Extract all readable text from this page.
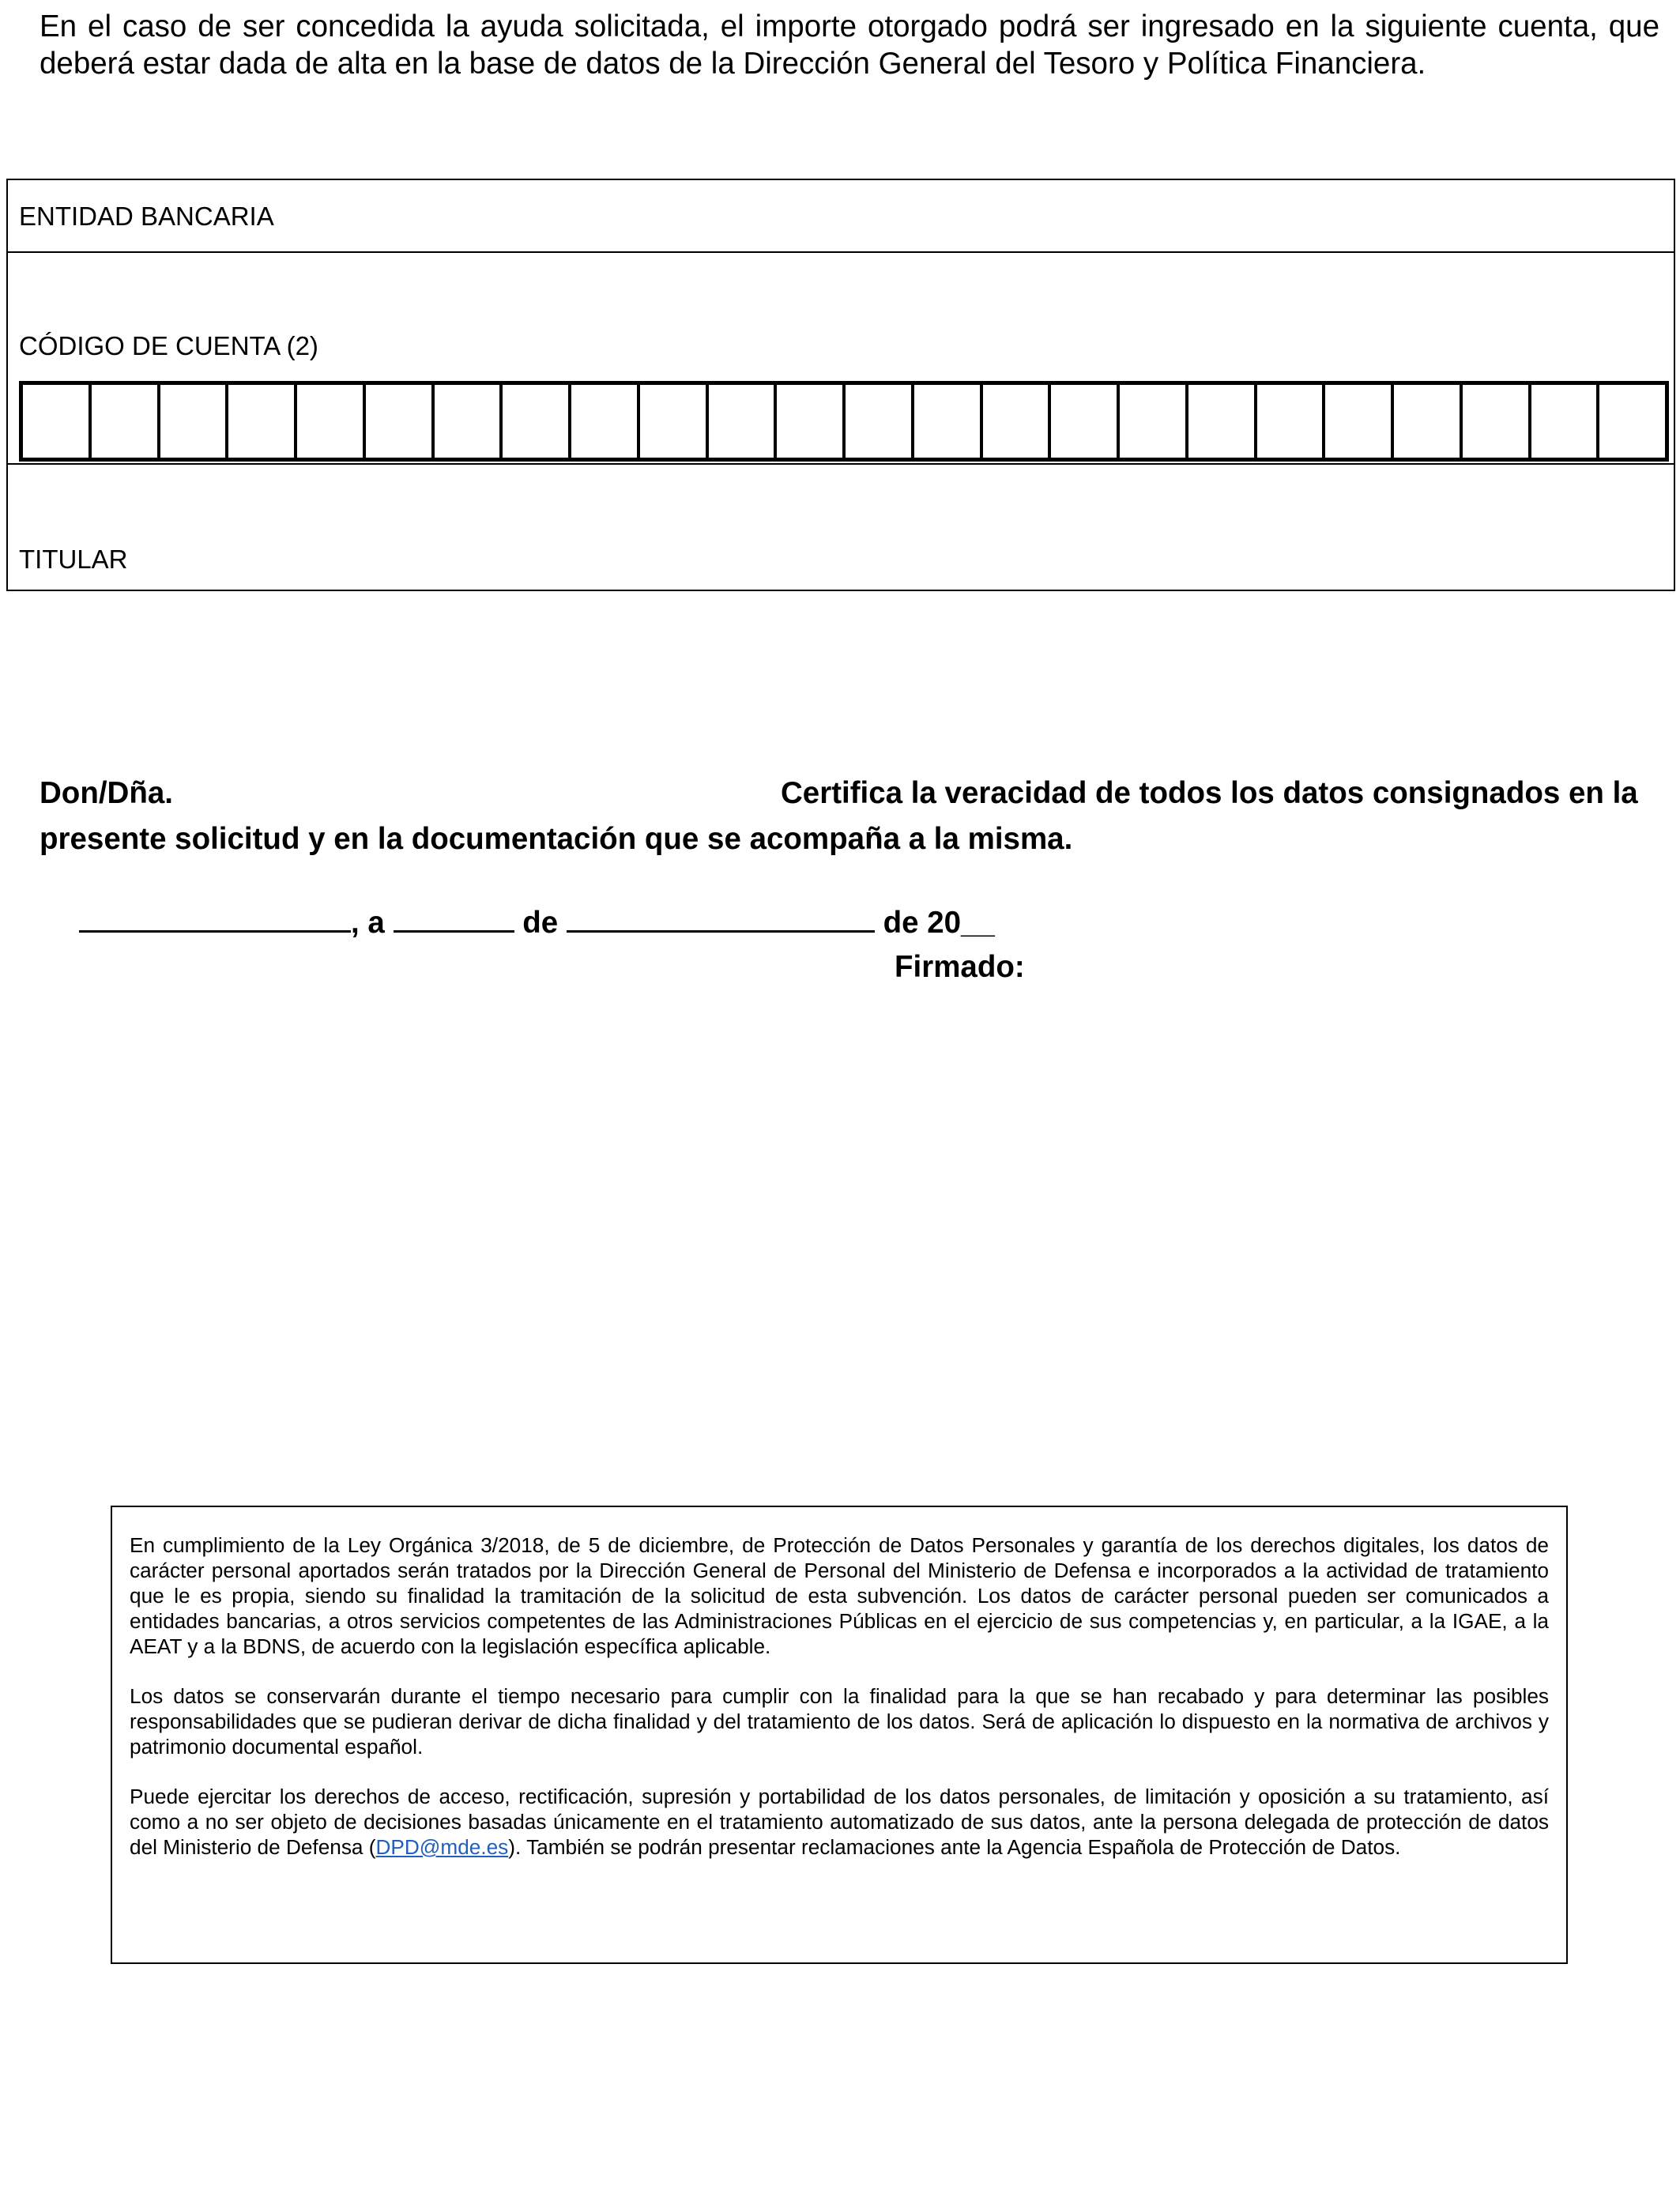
En el caso de ser concedida la ayuda solicitada, el importe otorgado podrá ser ingresado en la siguiente cuenta, que deberá estar dada de alta en la base de datos de la Dirección General del Tesoro y Política Financiera.
ENTIDAD BANCARIA
CÓDIGO DE CUENTA (2)
TITULAR
Don/Dña.	Certifica la veracidad de todos los datos consignados en la
presente solicitud y en la documentación que se acompaña a la misma.
, a	de	de 20__
Firmado:

En cumplimiento de la Ley Orgánica 3/2018, de 5 de diciembre, de Protección de Datos Personales y garantía de los derechos digitales, los datos de carácter personal aportados serán tratados por la Dirección General de Personal del Ministerio de Defensa e incorporados a la actividad de tratamiento que le es propia, siendo su finalidad la tramitación de la solicitud de esta subvención. Los datos de carácter personal pueden ser comunicados a entidades bancarias, a otros servicios competentes de las Administraciones Públicas en el ejercicio de sus competencias y, en particular, a la IGAE, a la AEAT y a la BDNS, de acuerdo con la legislación específica aplicable.

Los datos se conservarán durante el tiempo necesario para cumplir con la finalidad para la que se han recabado y para determinar las posibles responsabilidades que se pudieran derivar de dicha finalidad y del tratamiento de los datos. Será de aplicación lo dispuesto en la normativa de archivos y patrimonio documental español.

Puede ejercitar los derechos de acceso, rectificación, supresión y portabilidad de los datos personales, de limitación y oposición a su tratamiento, así como a no ser objeto de decisiones basadas únicamente en el tratamiento automatizado de sus datos, ante la persona delegada de protección de datos del Ministerio de Defensa (DPD@mde.es). También se podrán presentar reclamaciones ante la Agencia Española de Protección de Datos.
